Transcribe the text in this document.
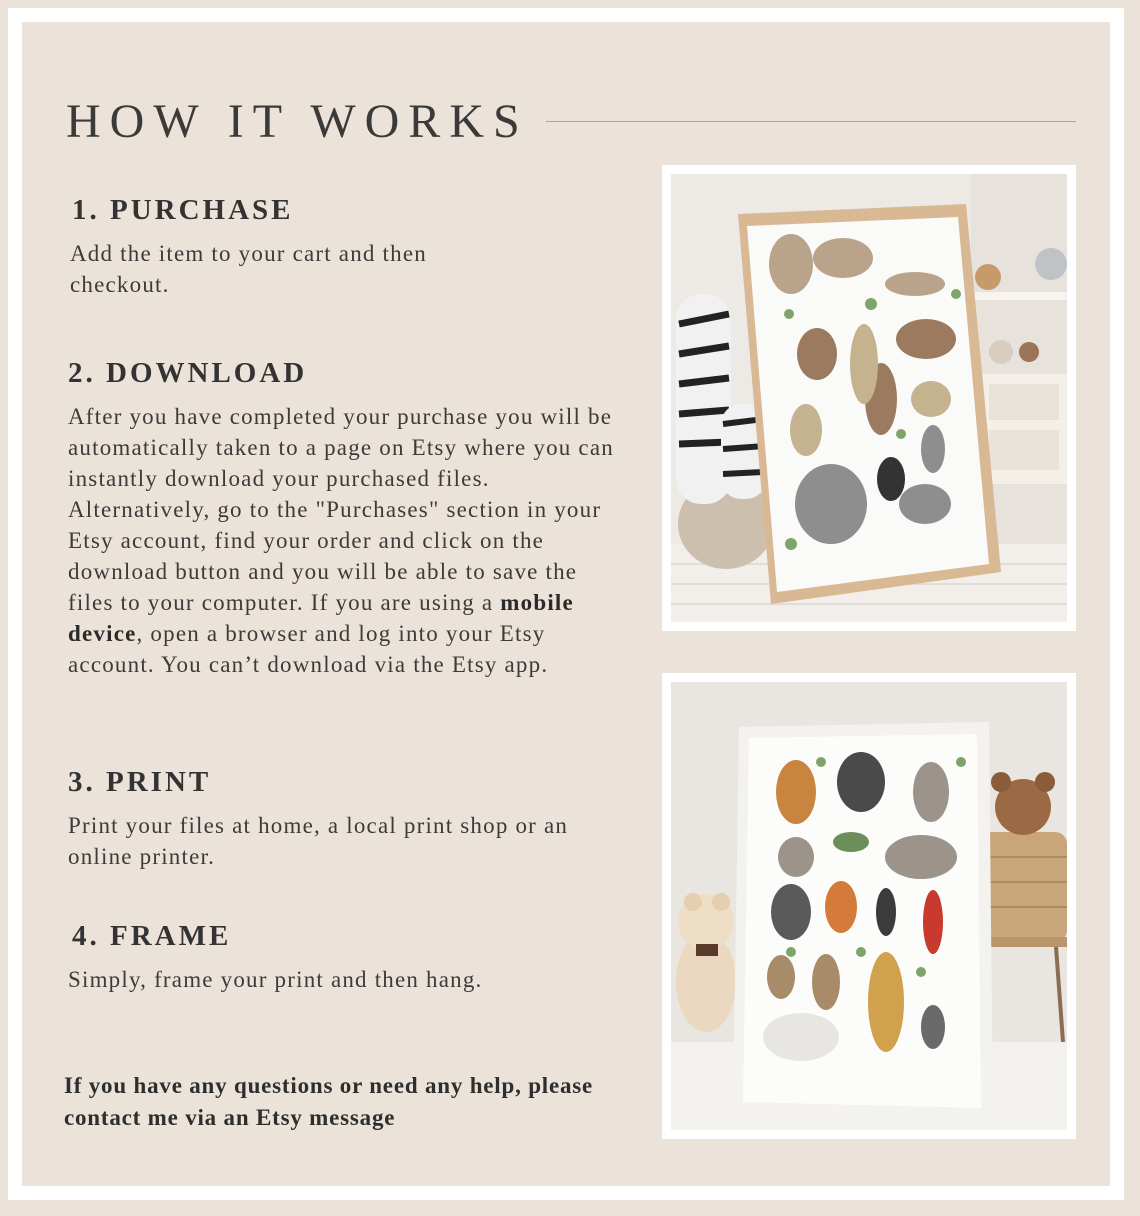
HOW IT WORKS
1. PURCHASE

Add the item to your cart and then checkout.

2. DOWNLOAD

After you have completed your purchase you will be automatically taken to a page on Etsy where you can instantly download your purchased files. Alternatively, go to the "Purchases" section in your Etsy account, find your order and click on the download button and you will be able to save the files to your computer. If you are using a mobile device, open a browser and log into your Etsy account. You can’t download via the Etsy app.

3. PRINT

Print your files at home, a local print shop or an online printer.

4. FRAME

Simply, frame your print and then hang.

If you have any questions or need any help, please contact me via an Etsy message
